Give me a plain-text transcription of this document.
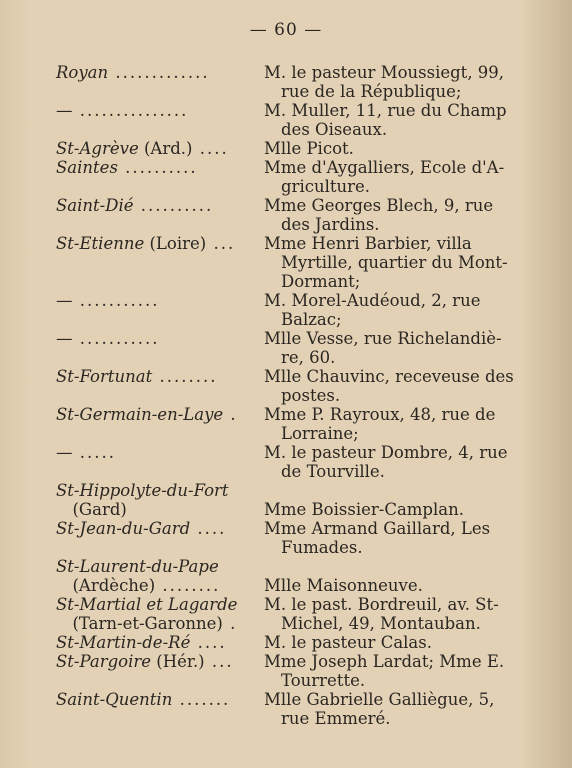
— 60 —
Royan .............	M. le pasteur Moussiegt, 99,
rue de la République;
— ...............	M. Muller, 11, rue du Champ
des Oiseaux.
St-Agrève (Ard.) ....	Mlle Picot.
Saintes ..........	Mme d'Aygalliers, Ecole d'A-
griculture.
Saint-Dié ..........	Mme Georges Blech, 9, rue
des Jardins.
St-Etienne (Loire) ...	Mme Henri Barbier, villa
Myrtille, quartier du Mont-
Dormant;
— ...........	M. Morel-Audéoud, 2, rue
Balzac;
— ...........	Mlle Vesse, rue Richelandiè-
re, 60.
St-Fortunat ........	Mlle Chauvinc, receveuse des
postes.
St-Germain-en-Laye .	Mme P. Rayroux, 48, rue de
Lorraine;
— .....	M. le pasteur Dombre, 4, rue
de Tourville.
St-Hippolyte-du-Fort
 (Gard)
	Mme Boissier-Camplan.
St-Jean-du-Gard ....	Mme Armand Gaillard, Les
Fumades.
St-Laurent-du-Pape
 (Ardèche) ........
	Mlle Maisonneuve.
St-Martial et Lagarde
 (Tarn-et-Garonne) .
M. le past. Bordreuil, av. St-
Michel, 49, Montauban.
St-Martin-de-Ré ....	M. le pasteur Calas.
St-Pargoire (Hér.) ...	Mme Joseph Lardat; Mme E.
Tourrette.
Saint-Quentin .......	Mlle Gabrielle Galliègue, 5,
rue Emmeré.
